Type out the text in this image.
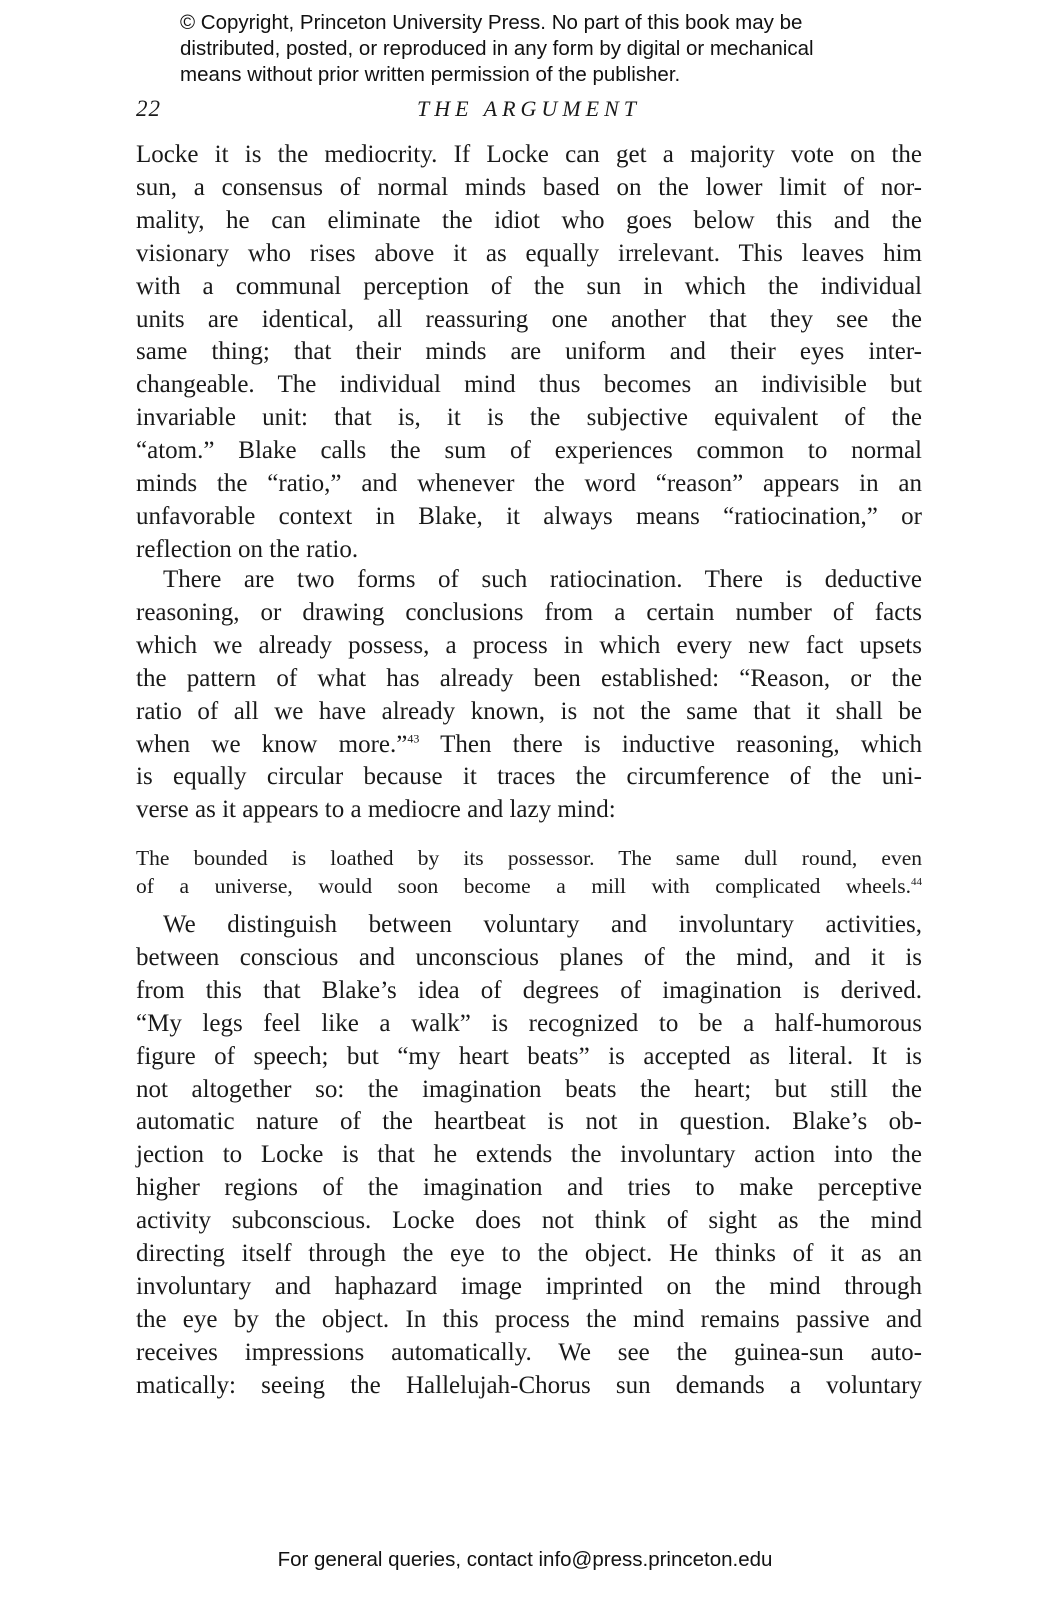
© Copyright, Princeton University Press. No part of this book may be
distributed, posted, or reproduced in any form by digital or mechanical
means without prior written permission of the publisher.
22	THE ARGUMENT
Locke it is the mediocrity. If Locke can get a majority vote on the
sun, a consensus of normal minds based on the lower limit of nor-
mality, he can eliminate the idiot who goes below this and the
visionary who rises above it as equally irrelevant. This leaves him
with a communal perception of the sun in which the individual
units are identical, all reassuring one another that they see the
same thing; that their minds are uniform and their eyes inter-
changeable. The individual mind thus becomes an indivisible but
invariable unit: that is, it is the subjective equivalent of the
“atom.” Blake calls the sum of experiences common to normal
minds the “ratio,” and whenever the word “reason” appears in an
unfavorable context in Blake, it always means “ratiocination,” or
reflection on the ratio.
There are two forms of such ratiocination. There is deductive
reasoning, or drawing conclusions from a certain number of facts
which we already possess, a process in which every new fact upsets
the pattern of what has already been established: “Reason, or the
ratio of all we have already known, is not the same that it shall be
when we know more.”$^{43}$ Then there is inductive reasoning, which
is equally circular because it traces the circumference of the uni-
verse as it appears to a mediocre and lazy mind:
The bounded is loathed by its possessor. The same dull round, even
of a universe, would soon become a mill with complicated wheels.$^{44}$
We distinguish between voluntary and involuntary activities,
between conscious and unconscious planes of the mind, and it is
from this that Blake’s idea of degrees of imagination is derived.
“My legs feel like a walk” is recognized to be a half-humorous
figure of speech; but “my heart beats” is accepted as literal. It is
not altogether so: the imagination beats the heart; but still the
automatic nature of the heartbeat is not in question. Blake’s ob-
jection to Locke is that he extends the involuntary action into the
higher regions of the imagination and tries to make perceptive
activity subconscious. Locke does not think of sight as the mind
directing itself through the eye to the object. He thinks of it as an
involuntary and haphazard image imprinted on the mind through
the eye by the object. In this process the mind remains passive and
receives impressions automatically. We see the guinea-sun auto-
matically: seeing the Hallelujah-Chorus sun demands a voluntary
For general queries, contact info@press.princeton.edu
